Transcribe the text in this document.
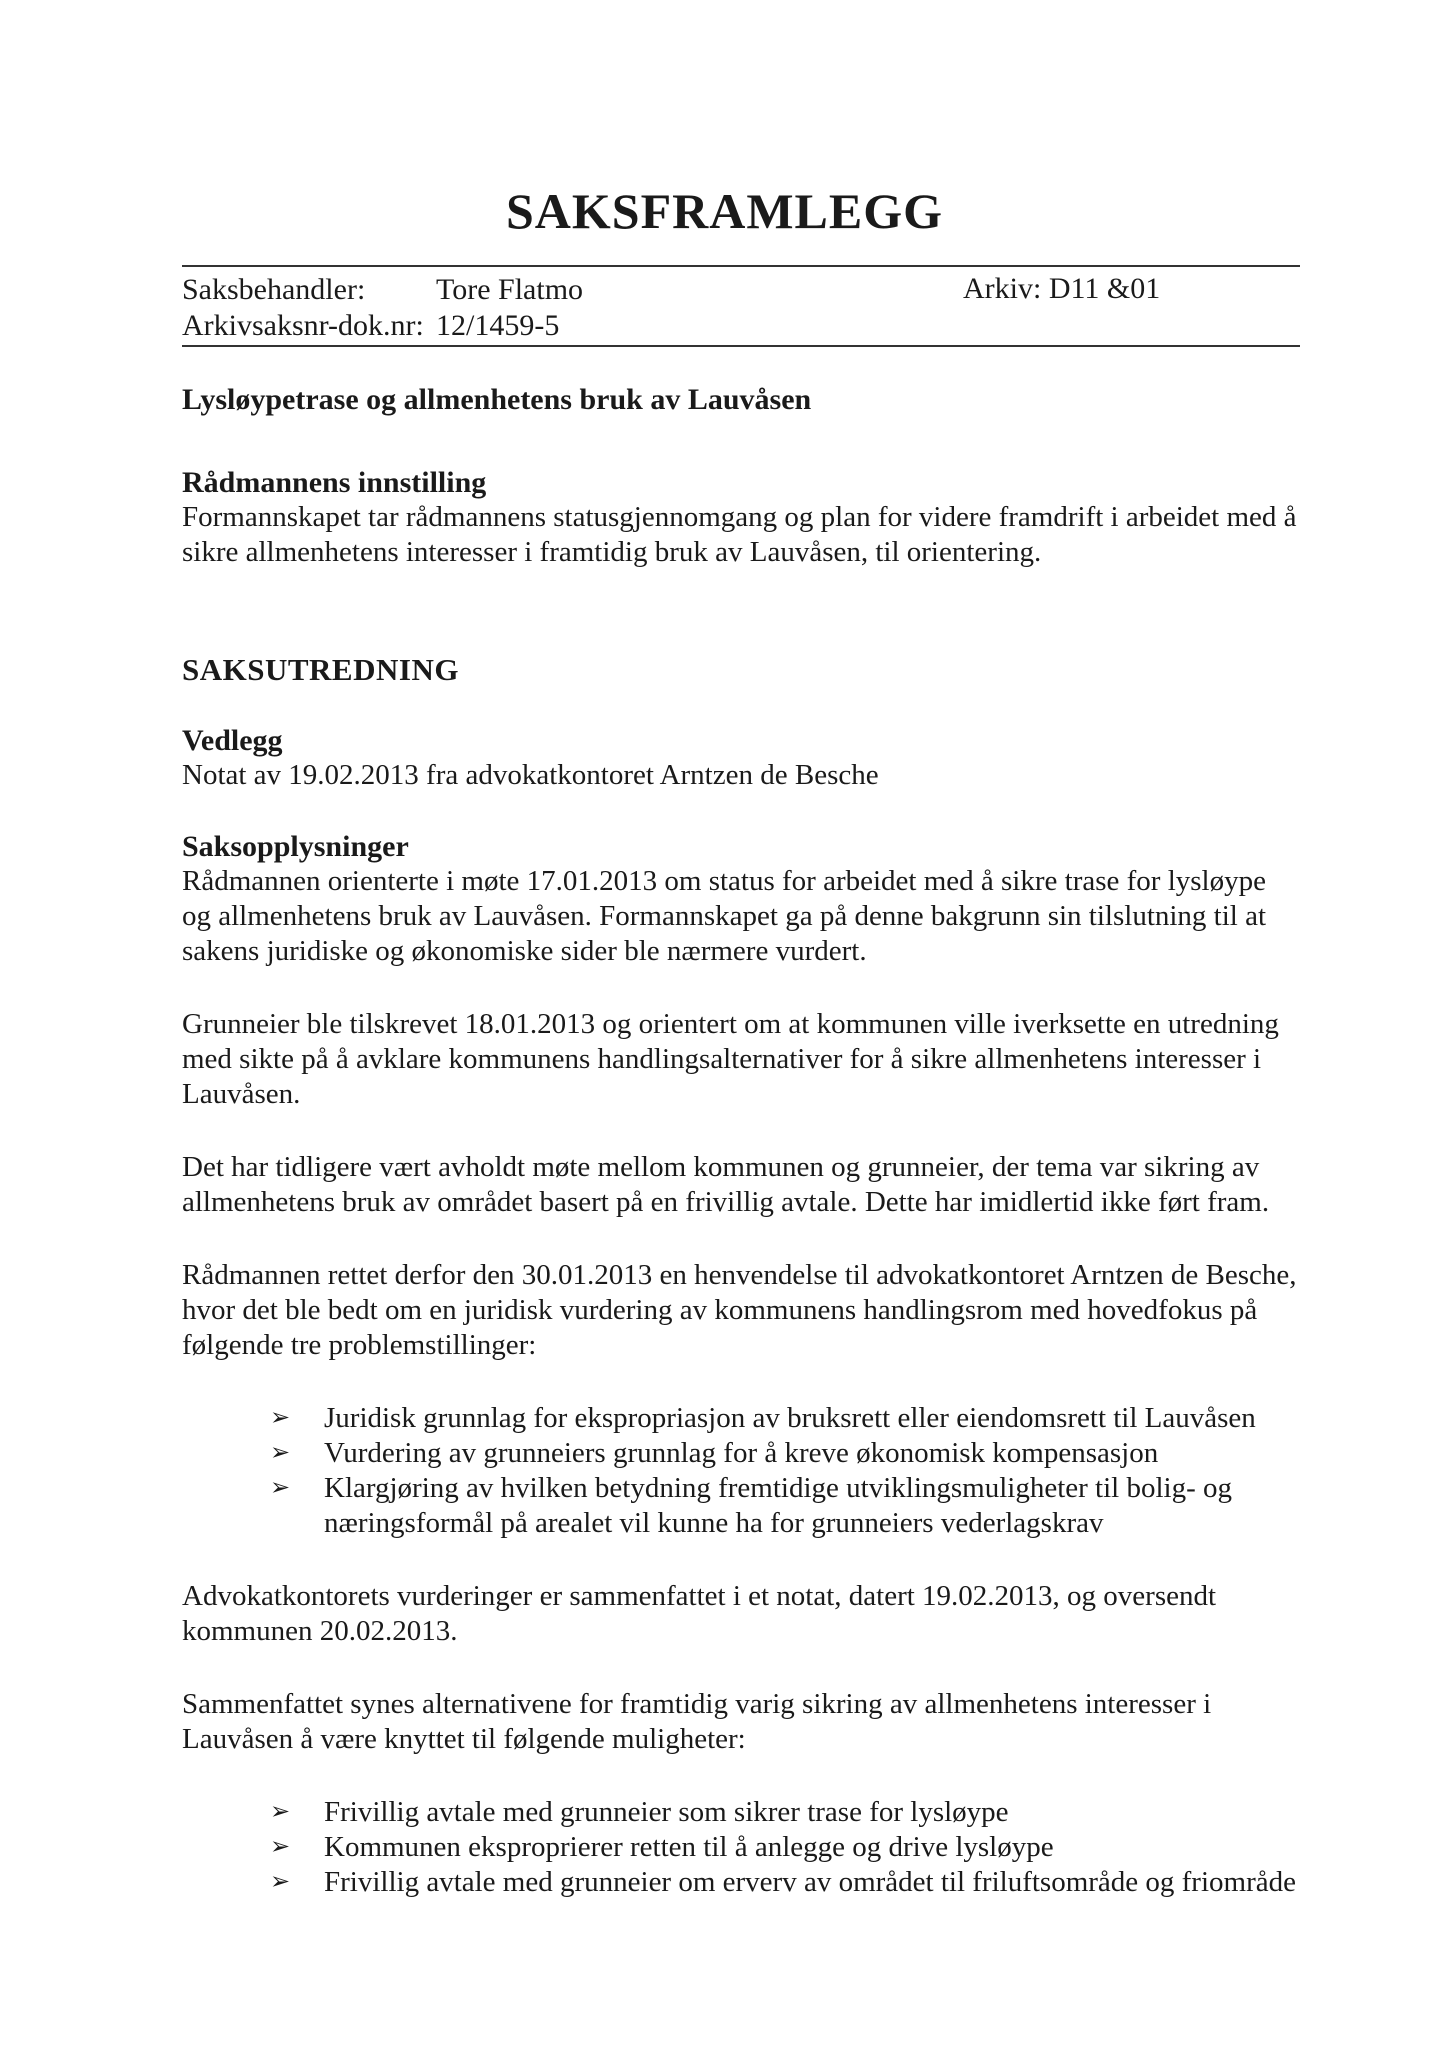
SAKSFRAMLEGG
Saksbehandler: Tore Flatmo
Arkivsaksnr-dok.nr: 12/1459-5
Arkiv: D11 &01

Lysløypetrase og allmenhetens bruk av Lauvåsen

Rådmannens innstilling

Formannskapet tar rådmannens statusgjennomgang og plan for videre framdrift i arbeidet med å sikre allmenhetens interesser i framtidig bruk av Lauvåsen, til orientering.

SAKSUTREDNING

Vedlegg

Notat av 19.02.2013 fra advokatkontoret Arntzen de Besche

Saksopplysninger

Rådmannen orienterte i møte 17.01.2013 om status for arbeidet med å sikre trase for lysløype og allmenhetens bruk av Lauvåsen. Formannskapet ga på denne bakgrunn sin tilslutning til at sakens juridiske og økonomiske sider ble nærmere vurdert.

Grunneier ble tilskrevet 18.01.2013 og orientert om at kommunen ville iverksette en utredning med sikte på å avklare kommunens handlingsalternativer for å sikre allmenhetens interesser i Lauvåsen.

Det har tidligere vært avholdt møte mellom kommunen og grunneier, der tema var sikring av allmenhetens bruk av området basert på en frivillig avtale. Dette har imidlertid ikke ført fram.

Rådmannen rettet derfor den 30.01.2013 en henvendelse til advokatkontoret Arntzen de Besche, hvor det ble bedt om en juridisk vurdering av kommunens handlingsrom med hovedfokus på følgende tre problemstillinger:

➢ Juridisk grunnlag for ekspropriasjon av bruksrett eller eiendomsrett til Lauvåsen
➢ Vurdering av grunneiers grunnlag for å kreve økonomisk kompensasjon
➢ Klargjøring av hvilken betydning fremtidige utviklingsmuligheter til bolig- og næringsformål på arealet vil kunne ha for grunneiers vederlagskrav

Advokatkontorets vurderinger er sammenfattet i et notat, datert 19.02.2013, og oversendt kommunen 20.02.2013.

Sammenfattet synes alternativene for framtidig varig sikring av allmenhetens interesser i Lauvåsen å være knyttet til følgende muligheter:

➢ Frivillig avtale med grunneier som sikrer trase for lysløype
➢ Kommunen eksproprierer retten til å anlegge og drive lysløype
➢ Frivillig avtale med grunneier om erverv av området til friluftsområde og friområde
